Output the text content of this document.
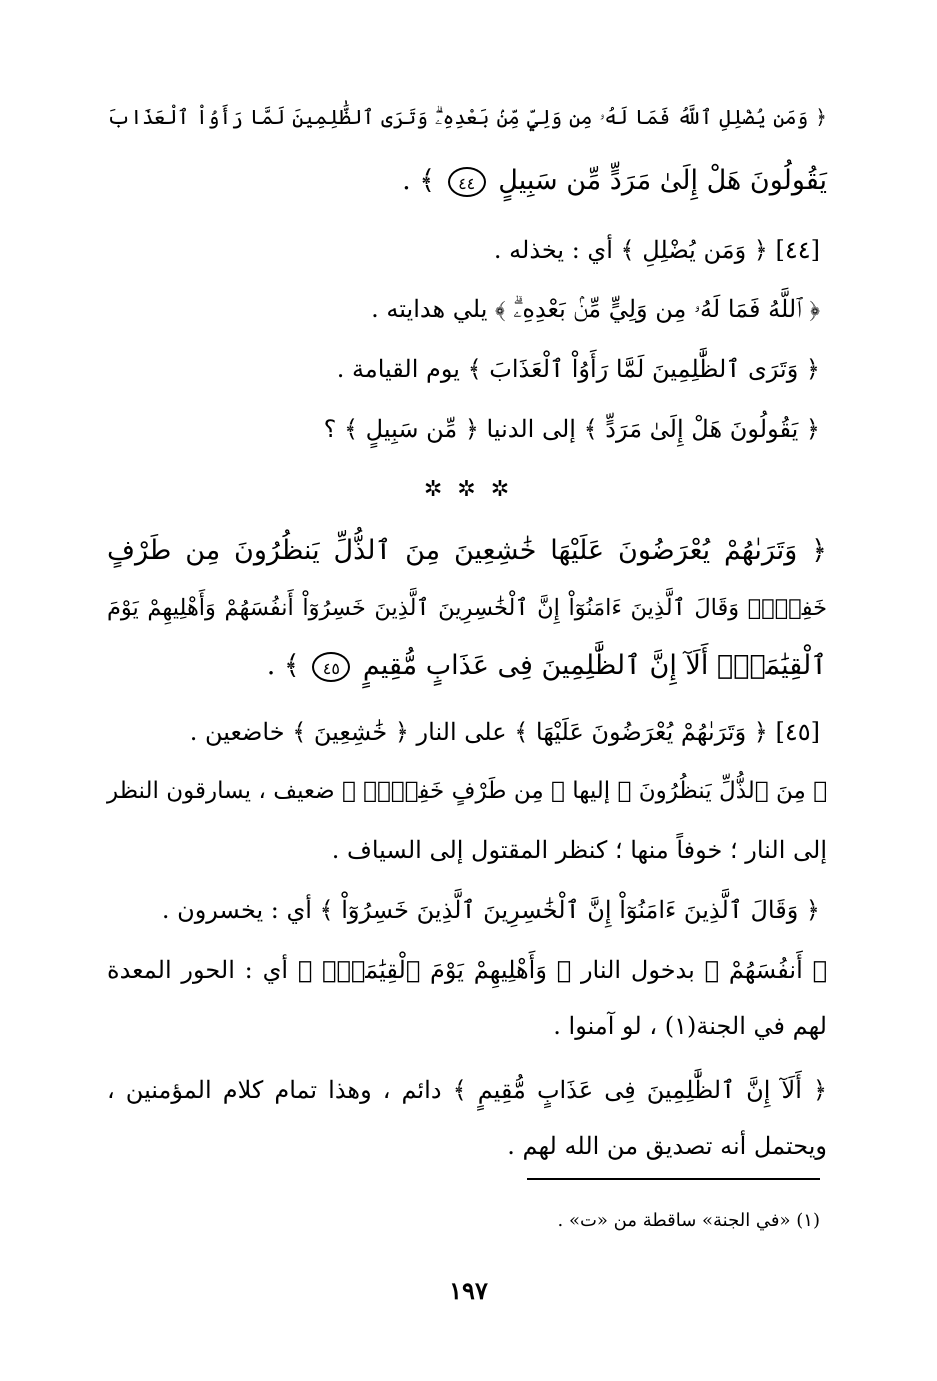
﴿ وَمَن يُضْلِلِ ٱللَّهُ فَمَا لَهُۥ مِن وَلِيٍّ مِّنۢ بَعْدِهِۦۗ وَتَرَى ٱلظَّٰلِمِينَ لَمَّا رَأَوُاْ ٱلْعَذَابَ
يَقُولُونَ هَلْ إِلَىٰ مَرَدٍّ مِّن سَبِيلٍ ٤٤ ﴾ .
[٤٤] ﴿ وَمَن يُضْلِلِ ﴾ أي : يخذله .
﴿ ٱللَّهُ فَمَا لَهُۥ مِن وَلِيٍّ مِّنۢ بَعْدِهِۦۗ ﴾ يلي هدايته .
﴿ وَتَرَى ٱلظَّٰلِمِينَ لَمَّا رَأَوُاْ ٱلْعَذَابَ ﴾ يوم القيامة .
﴿ يَقُولُونَ هَلْ إِلَىٰ مَرَدٍّ ﴾ إلى الدنيا ﴿ مِّن سَبِيلٍ ﴾ ؟
✲ ✲ ✲
﴿ وَتَرَىٰهُمْ يُعْرَضُونَ عَلَيْهَا خَٰشِعِينَ مِنَ ٱلذُّلِّ يَنظُرُونَ مِن طَرْفٍ
خَفِيٍّۗ وَقَالَ ٱلَّذِينَ ءَامَنُوٓاْ إِنَّ ٱلْخَٰسِرِينَ ٱلَّذِينَ خَسِرُوٓاْ أَنفُسَهُمْ وَأَهْلِيهِمْ يَوْمَ
ٱلْقِيَٰمَةِۗ أَلَآ إِنَّ ٱلظَّٰلِمِينَ فِى عَذَابٍ مُّقِيمٍ ٤٥ ﴾ .
[٤٥] ﴿ وَتَرَىٰهُمْ يُعْرَضُونَ عَلَيْهَا ﴾ على النار ﴿ خَٰشِعِينَ ﴾ خاضعين .
﴿ مِنَ ٱلذُّلِّ يَنظُرُونَ ﴾ إليها ﴿ مِن طَرْفٍ خَفِيٍّۗ ﴾ ضعيف ، يسارقون النظر
إلى النار ؛ خوفاً منها ؛ كنظر المقتول إلى السياف .
﴿ وَقَالَ ٱلَّذِينَ ءَامَنُوٓاْ إِنَّ ٱلْخَٰسِرِينَ ٱلَّذِينَ خَسِرُوٓاْ ﴾ أي : يخسرون .
﴿ أَنفُسَهُمْ ﴾ بدخول النار ﴿ وَأَهْلِيهِمْ يَوْمَ ٱلْقِيَٰمَةِۗ ﴾ أي : الحور المعدة
لهم في الجنة(١) ، لو آمنوا .
﴿ أَلَآ إِنَّ ٱلظَّٰلِمِينَ فِى عَذَابٍ مُّقِيمٍ ﴾ دائم ، وهذا تمام كلام المؤمنين ،
ويحتمل أنه تصديق من الله لهم .
(١) «في الجنة» ساقطة من «ت» .
١٩٧
